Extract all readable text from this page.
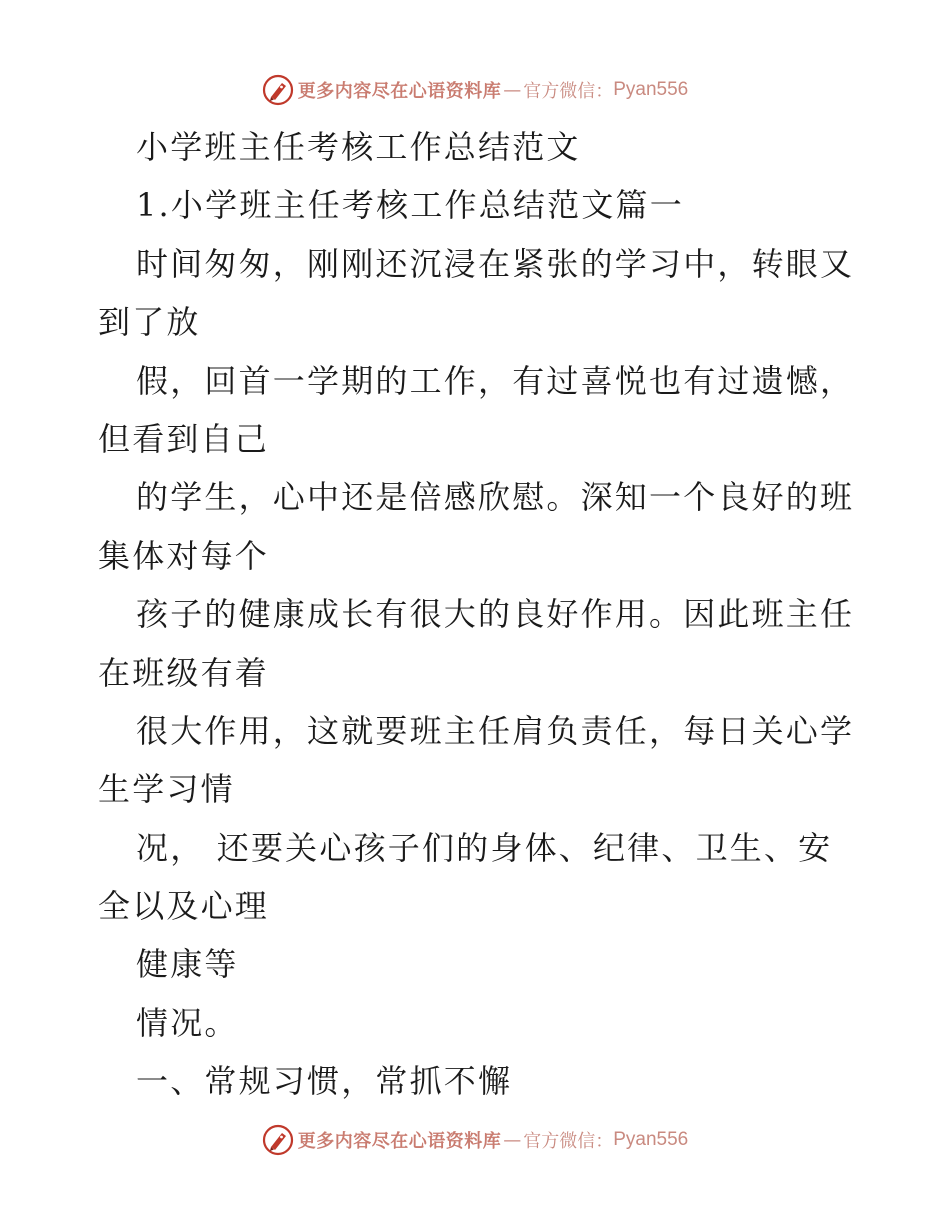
更多内容尽在心语资料库 — 官方微信： Pyan556
小学班主任考核工作总结范文
1.小学班主任考核工作总结范文篇一
时间匆匆，刚刚还沉浸在紧张的学习中，转眼又
到了放
假，回首一学期的工作，有过喜悦也有过遗憾，
但看到自己
的学生，心中还是倍感欣慰。深知一个良好的班
集体对每个
孩子的健康成长有很大的良好作用。因此班主任
在班级有着
很大作用，这就要班主任肩负责任，每日关心学
生学习情
况， 还要关心孩子们的身体、纪律、卫生、安
全以及心理
健康等
情况。
一、常规习惯，常抓不懈
更多内容尽在心语资料库 — 官方微信： Pyan556
